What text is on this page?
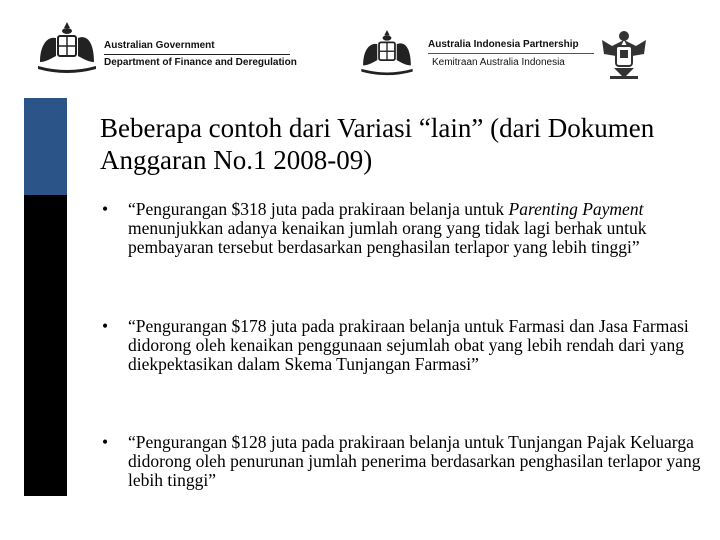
Australian Government
Department of Finance and Deregulation
Australia Indonesia Partnership
Kemitraan Australia Indonesia
Beberapa contoh dari Variasi “lain” (dari Dokumen Anggaran No.1 2008-09)

• “Pengurangan $318 juta pada prakiraan belanja untuk Parenting Payment menunjukkan adanya kenaikan jumlah orang yang tidak lagi berhak untuk pembayaran tersebut berdasarkan penghasilan terlapor yang lebih tinggi”

• “Pengurangan $178 juta pada prakiraan belanja untuk Farmasi dan Jasa Farmasi didorong oleh kenaikan penggunaan sejumlah obat yang lebih rendah dari yang diekpektasikan dalam Skema Tunjangan Farmasi”

• “Pengurangan $128 juta pada prakiraan belanja untuk Tunjangan Pajak Keluarga didorong oleh penurunan jumlah penerima berdasarkan penghasilan terlapor yang lebih tinggi”
